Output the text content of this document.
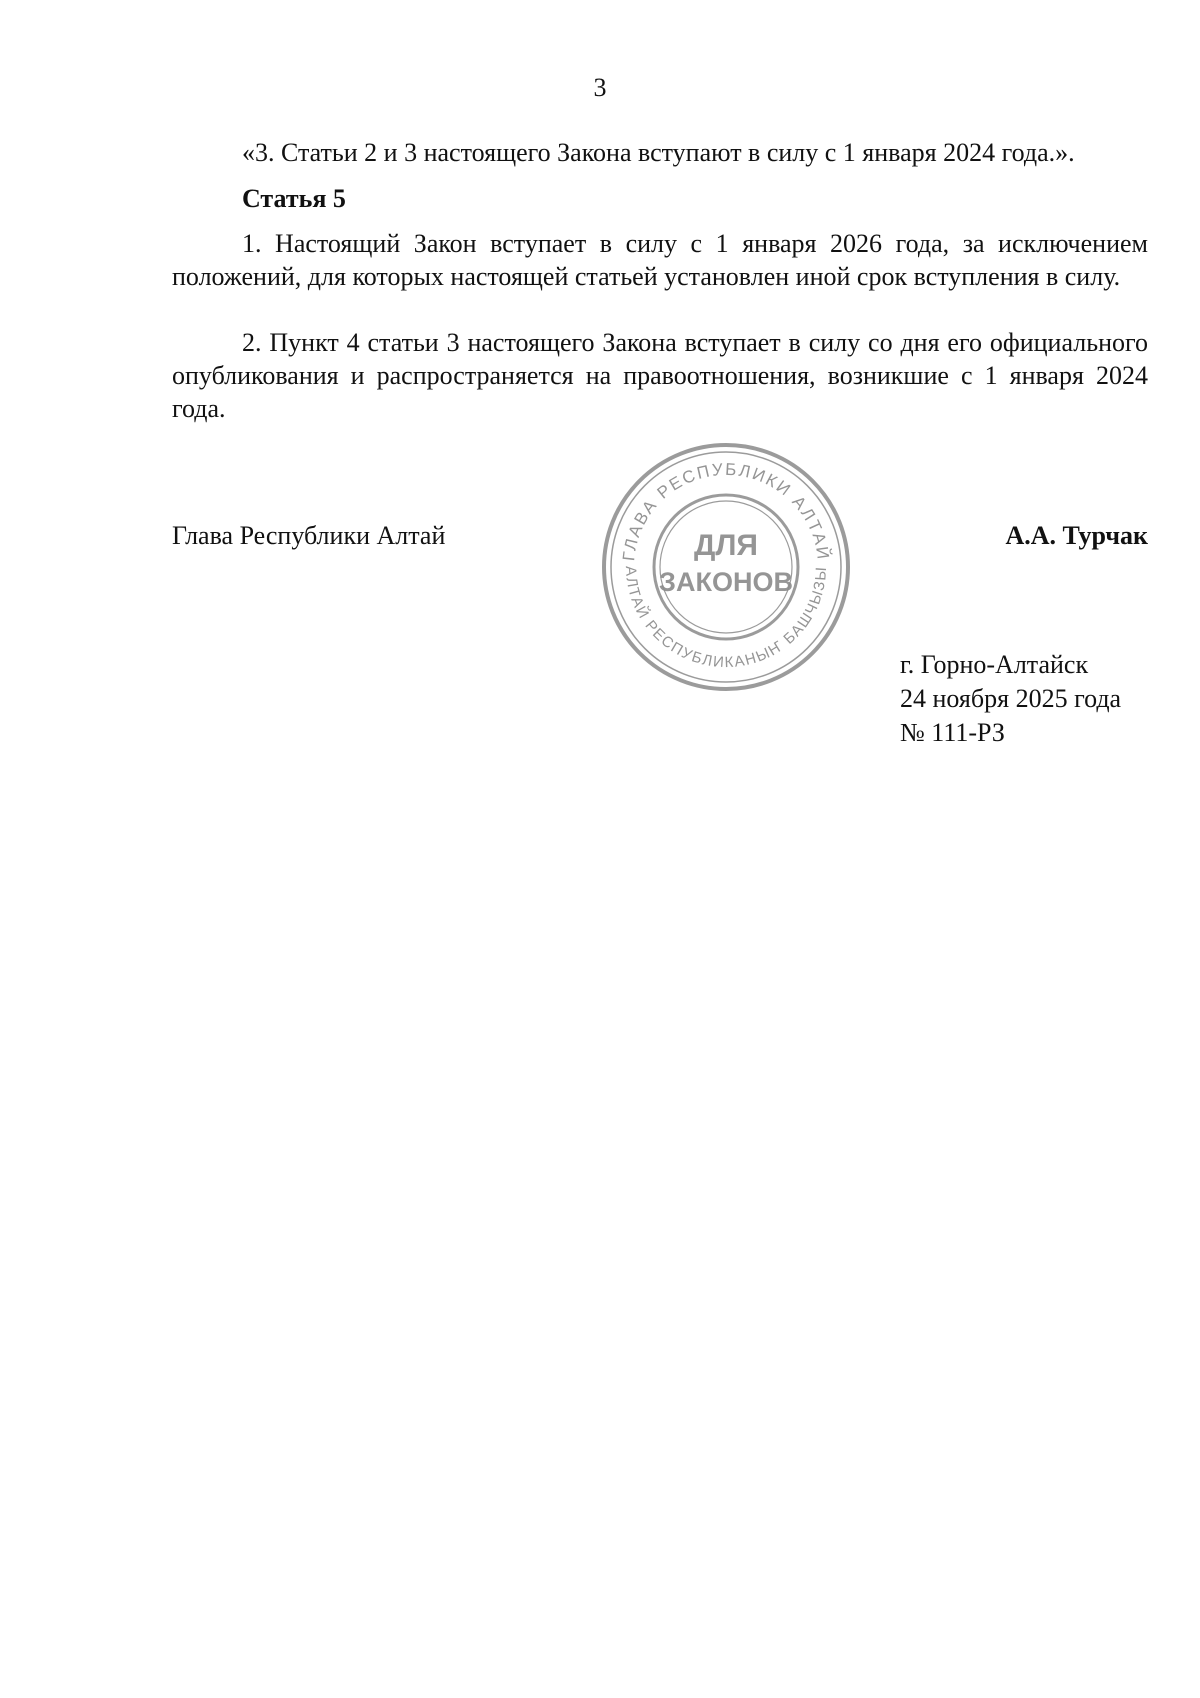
3
«3. Статьи 2 и 3 настоящего Закона вступают в силу с 1 января 2024 года.».
Статья 5
1. Настоящий Закон вступает в силу с 1 января 2026 года, за исключением положений, для которых настоящей статьей установлен иной срок вступления в силу.
2. Пункт 4 статьи 3 настоящего Закона вступает в силу со дня его официального опубликования и распространяется на правоотношения, возникшие с 1 января 2024 года.
Глава Республики Алтай
ГЛАВА РЕСПУБЛИКИ АЛТАЙ
АЛТАЙ РЕСПУБЛИКАНЫҤ БАШЧЫЗЫ
ДЛЯ
ЗАКОНОВ
А.А. Турчак
г. Горно-Алтайск
24 ноября 2025 года
№ 111-РЗ
